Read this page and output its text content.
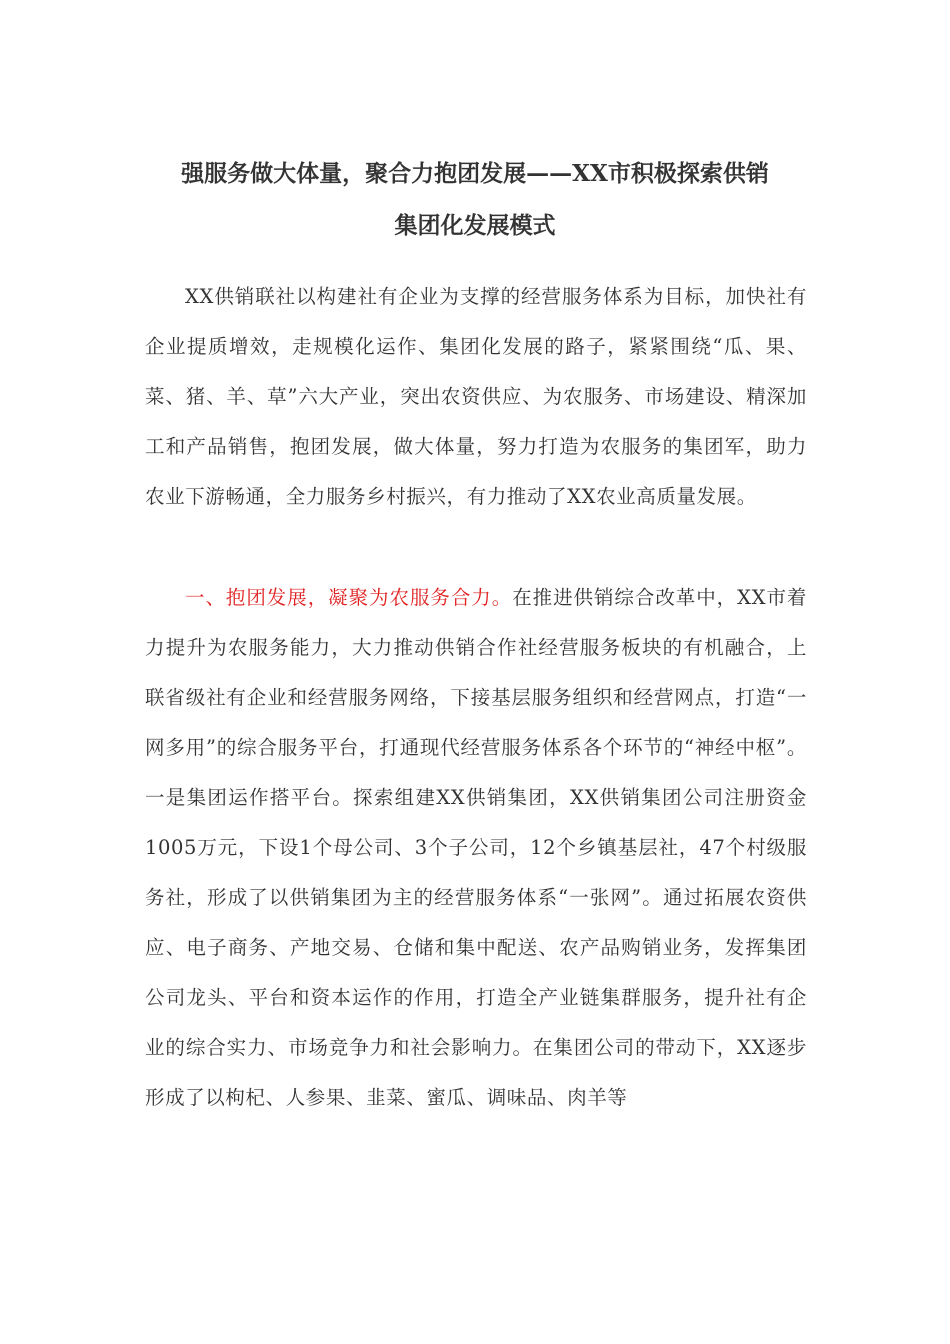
强服务做大体量，聚合力抱团发展——XX市积极探索供销
集团化发展模式

XX供销联社以构建社有企业为支撑的经营服务体系为目标，加快社有企业提质增效，走规模化运作、集团化发展的路子，紧紧围绕“瓜、果、菜、猪、羊、草”六大产业，突出农资供应、为农服务、市场建设、精深加工和产品销售，抱团发展，做大体量，努力打造为农服务的集团军，助力农业下游畅通，全力服务乡村振兴，有力推动了XX农业高质量发展。

一、抱团发展，凝聚为农服务合力。在推进供销综合改革中，XX市着力提升为农服务能力，大力推动供销合作社经营服务板块的有机融合，上联省级社有企业和经营服务网络，下接基层服务组织和经营网点，打造“一网多用”的综合服务平台，打通现代经营服务体系各个环节的“神经中枢”。一是集团运作搭平台。探索组建XX供销集团，XX供销集团公司注册资金1005万元，下设1个母公司、3个子公司，12个乡镇基层社，47个村级服务社，形成了以供销集团为主的经营服务体系“一张网”。通过拓展农资供应、电子商务、产地交易、仓储和集中配送、农产品购销业务，发挥集团公司龙头、平台和资本运作的作用，打造全产业链集群服务，提升社有企业的综合实力、市场竞争力和社会影响力。在集团公司的带动下，XX逐步形成了以枸杞、人参果、韭菜、蜜瓜、调味品、肉羊等
